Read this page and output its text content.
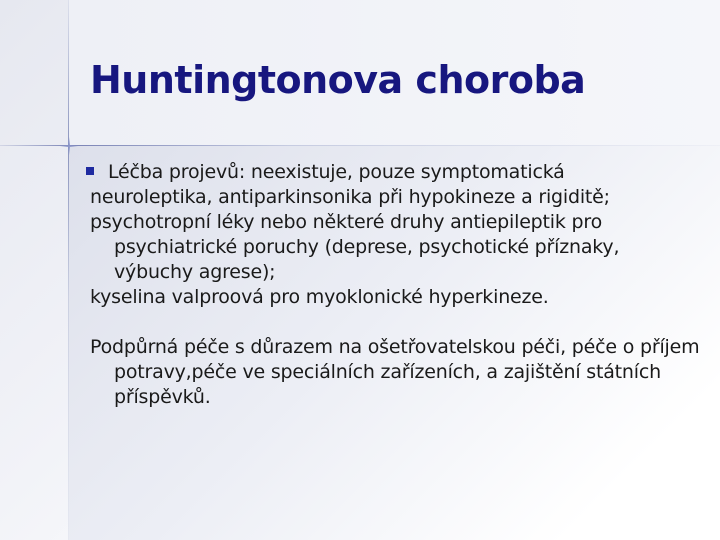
Huntingtonova choroba

Léčba projevů: neexistuje, pouze symptomatická

neuroleptika, antiparkinsonika při hypokineze a rigiditě;

psychotropní léky nebo některé druhy antiepileptik pro psychiatrické poruchy (deprese, psychotické příznaky, výbuchy agrese);

kyselina valproová pro myoklonické hyperkineze.

Podpůrná péče s důrazem na ošetřovatelskou péči, péče o příjem potravy,péče ve speciálních zařízeních, a zajištění státních příspěvků.
